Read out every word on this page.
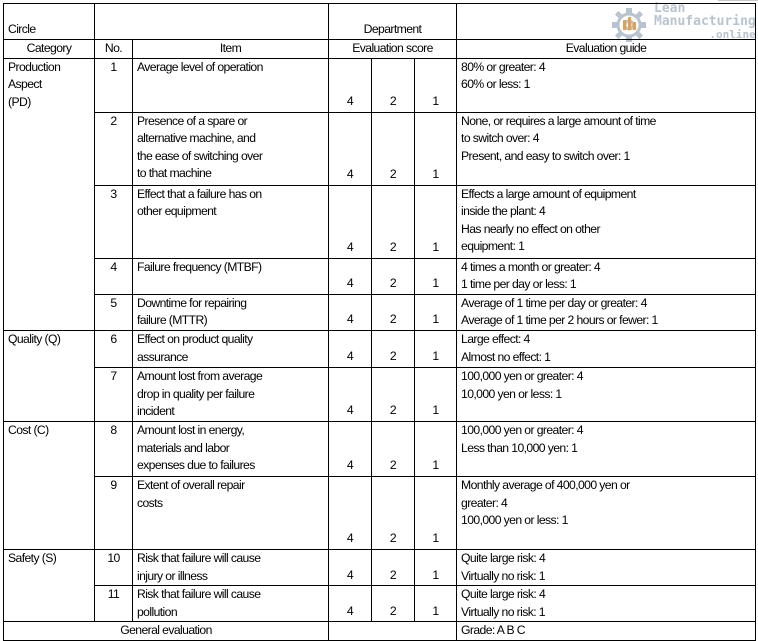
Lean
Manufacturing
.online
Circle			Department			

Category	No.	Item	Evaluation score			Evaluation guide

Production
Aspect
(PD)	1	Average level of operation	4	2	1	80% or greater: 4
60% or less: 1

	2	Presence of a spare or
alternative machine, and
the ease of switching over
to that machine	4	2	1	None, or requires a large amount of time
to switch over: 4
Present, and easy to switch over: 1

	3	Effect that a failure has on
other equipment	4	2	1	Effects a large amount of equipment
inside the plant: 4
Has nearly no effect on other
equipment: 1

	4	Failure frequency (MTBF)	4	2	1	4 times a month or greater: 4
1 time per day or less: 1

	5	Downtime for repairing
failure (MTTR)	4	2	1	Average of 1 time per day or greater: 4
Average of 1 time per 2 hours or fewer: 1

Quality (Q)	6	Effect on product quality
assurance	4	2	1	Large effect: 4
Almost no effect: 1

	7	Amount lost from average
drop in quality per failure
incident	4	2	1	100,000 yen or greater: 4
10,000 yen or less: 1

Cost (C)	8	Amount lost in energy,
materials and labor
expenses due to failures	4	2	1	100,000 yen or greater: 4
Less than 10,000 yen: 1

	9	Extent of overall repair
costs	4	2	1	Monthly average of 400,000 yen or
greater: 4
100,000 yen or less: 1

Safety (S)	10	Risk that failure will cause
injury or illness	4	2	1	Quite large risk: 4
Virtually no risk: 1

	11	Risk that failure will cause
pollution	4	2	1	Quite large risk: 4
Virtually no risk: 1

General evaluation						Grade: A B C
